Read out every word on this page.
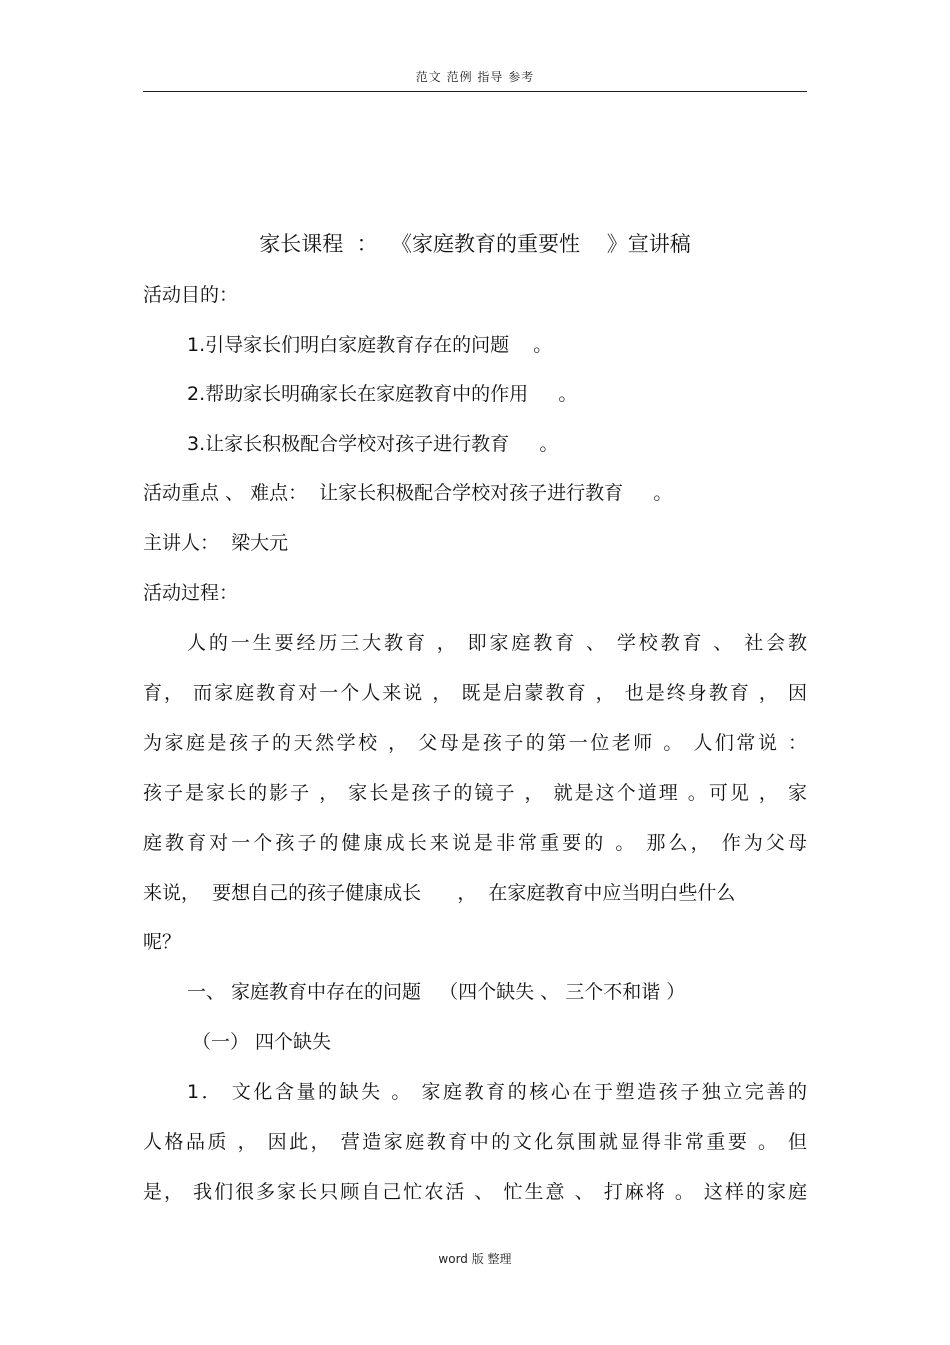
范文 范例 指导 参考
家长课程  ：  《家庭教育的重要性    》宣讲稿
活动目的：
1.引导家长们明白家庭教育存在的问题    。
2.帮助家长明确家长在家庭教育中的作用     。
3.让家长积极配合学校对孩子进行教育     。
活动重点 、 难点：  让家长积极配合学校对孩子进行教育     。
主讲人：  梁大元
活动过程：
人的一生要经历三大教育 ， 即家庭教育 、 学校教育 、 社会教
育， 而家庭教育对一个人来说 ， 既是启蒙教育 ， 也是终身教育 ， 因
为家庭是孩子的天然学校 ， 父母是孩子的第一位老师 。 人们常说 ：
孩子是家长的影子 ， 家长是孩子的镜子 ， 就是这个道理 。可见 ， 家
庭教育对一个孩子的健康成长来说是非常重要的 。 那么， 作为父母
来说，  要想自己的孩子健康成长      ，  在家庭教育中应当明白些什么
呢？
一、 家庭教育中存在的问题   （四个缺失 、 三个不和谐 ）
（一） 四个缺失
1． 文化含量的缺失 。 家庭教育的核心在于塑造孩子独立完善的
人格品质 ， 因此， 营造家庭教育中的文化氛围就显得非常重要 。 但
是， 我们很多家长只顾自己忙农活 、 忙生意 、 打麻将 。 这样的家庭
word 版 整理
